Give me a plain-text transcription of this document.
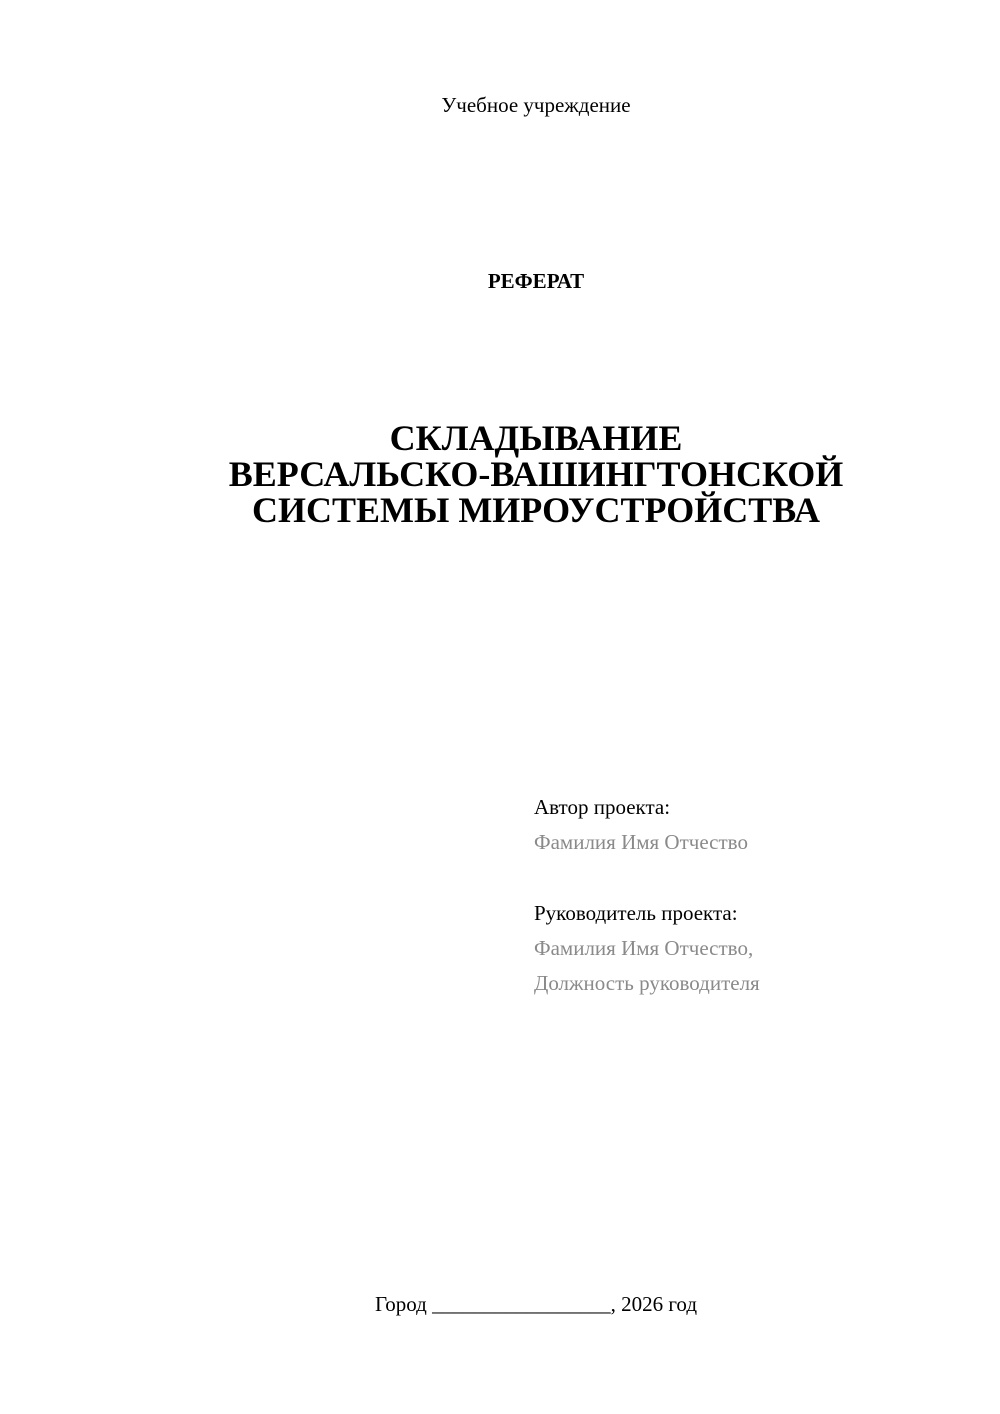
Учебное учреждение
РЕФЕРАТ
СКЛАДЫВАНИЕ
ВЕРСАЛЬСКО-ВАШИНГТОНСКОЙ
СИСТЕМЫ МИРОУСТРОЙСТВА
Автор проекта:
Фамилия Имя Отчество
Руководитель проекта:
Фамилия Имя Отчество,
Должность руководителя
Город _________________, 2026 год
